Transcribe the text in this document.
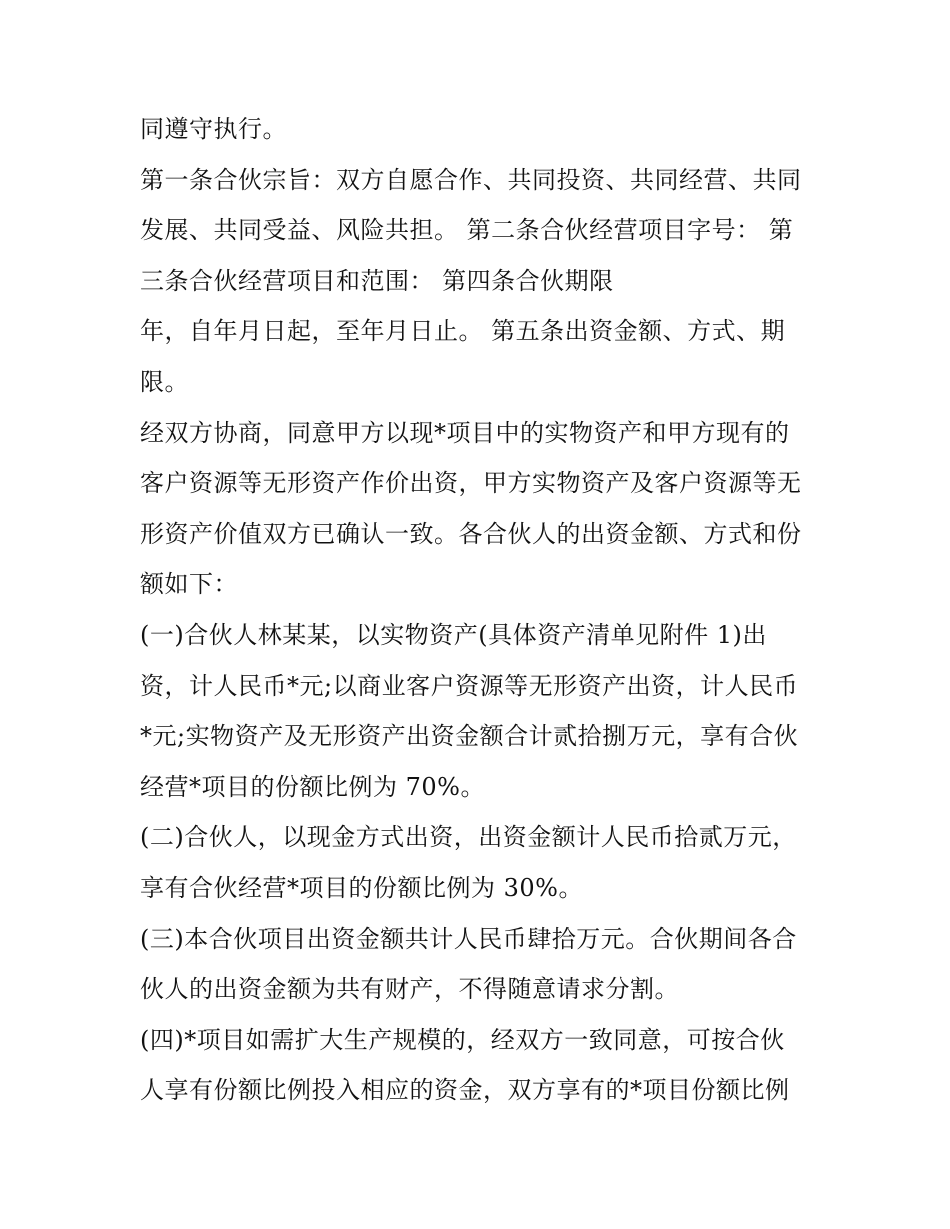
同遵守执行。
第一条合伙宗旨：双方自愿合作、共同投资、共同经营、共同
发展、共同受益、风险共担。 第二条合伙经营项目字号： 第
三条合伙经营项目和范围： 第四条合伙期限
年，自年月日起，至年月日止。 第五条出资金额、方式、期
限。
经双方协商，同意甲方以现*项目中的实物资产和甲方现有的
客户资源等无形资产作价出资，甲方实物资产及客户资源等无
形资产价值双方已确认一致。各合伙人的出资金额、方式和份
额如下：
(一)合伙人林某某，以实物资产(具体资产清单见附件 1)出
资，计人民币*元;以商业客户资源等无形资产出资，计人民币
*元;实物资产及无形资产出资金额合计贰拾捌万元，享有合伙
经营*项目的份额比例为 70%。
(二)合伙人，以现金方式出资，出资金额计人民币拾贰万元，
享有合伙经营*项目的份额比例为 30%。
(三)本合伙项目出资金额共计人民币肆拾万元。合伙期间各合
伙人的出资金额为共有财产，不得随意请求分割。
(四)*项目如需扩大生产规模的，经双方一致同意，可按合伙
人享有份额比例投入相应的资金，双方享有的*项目份额比例
